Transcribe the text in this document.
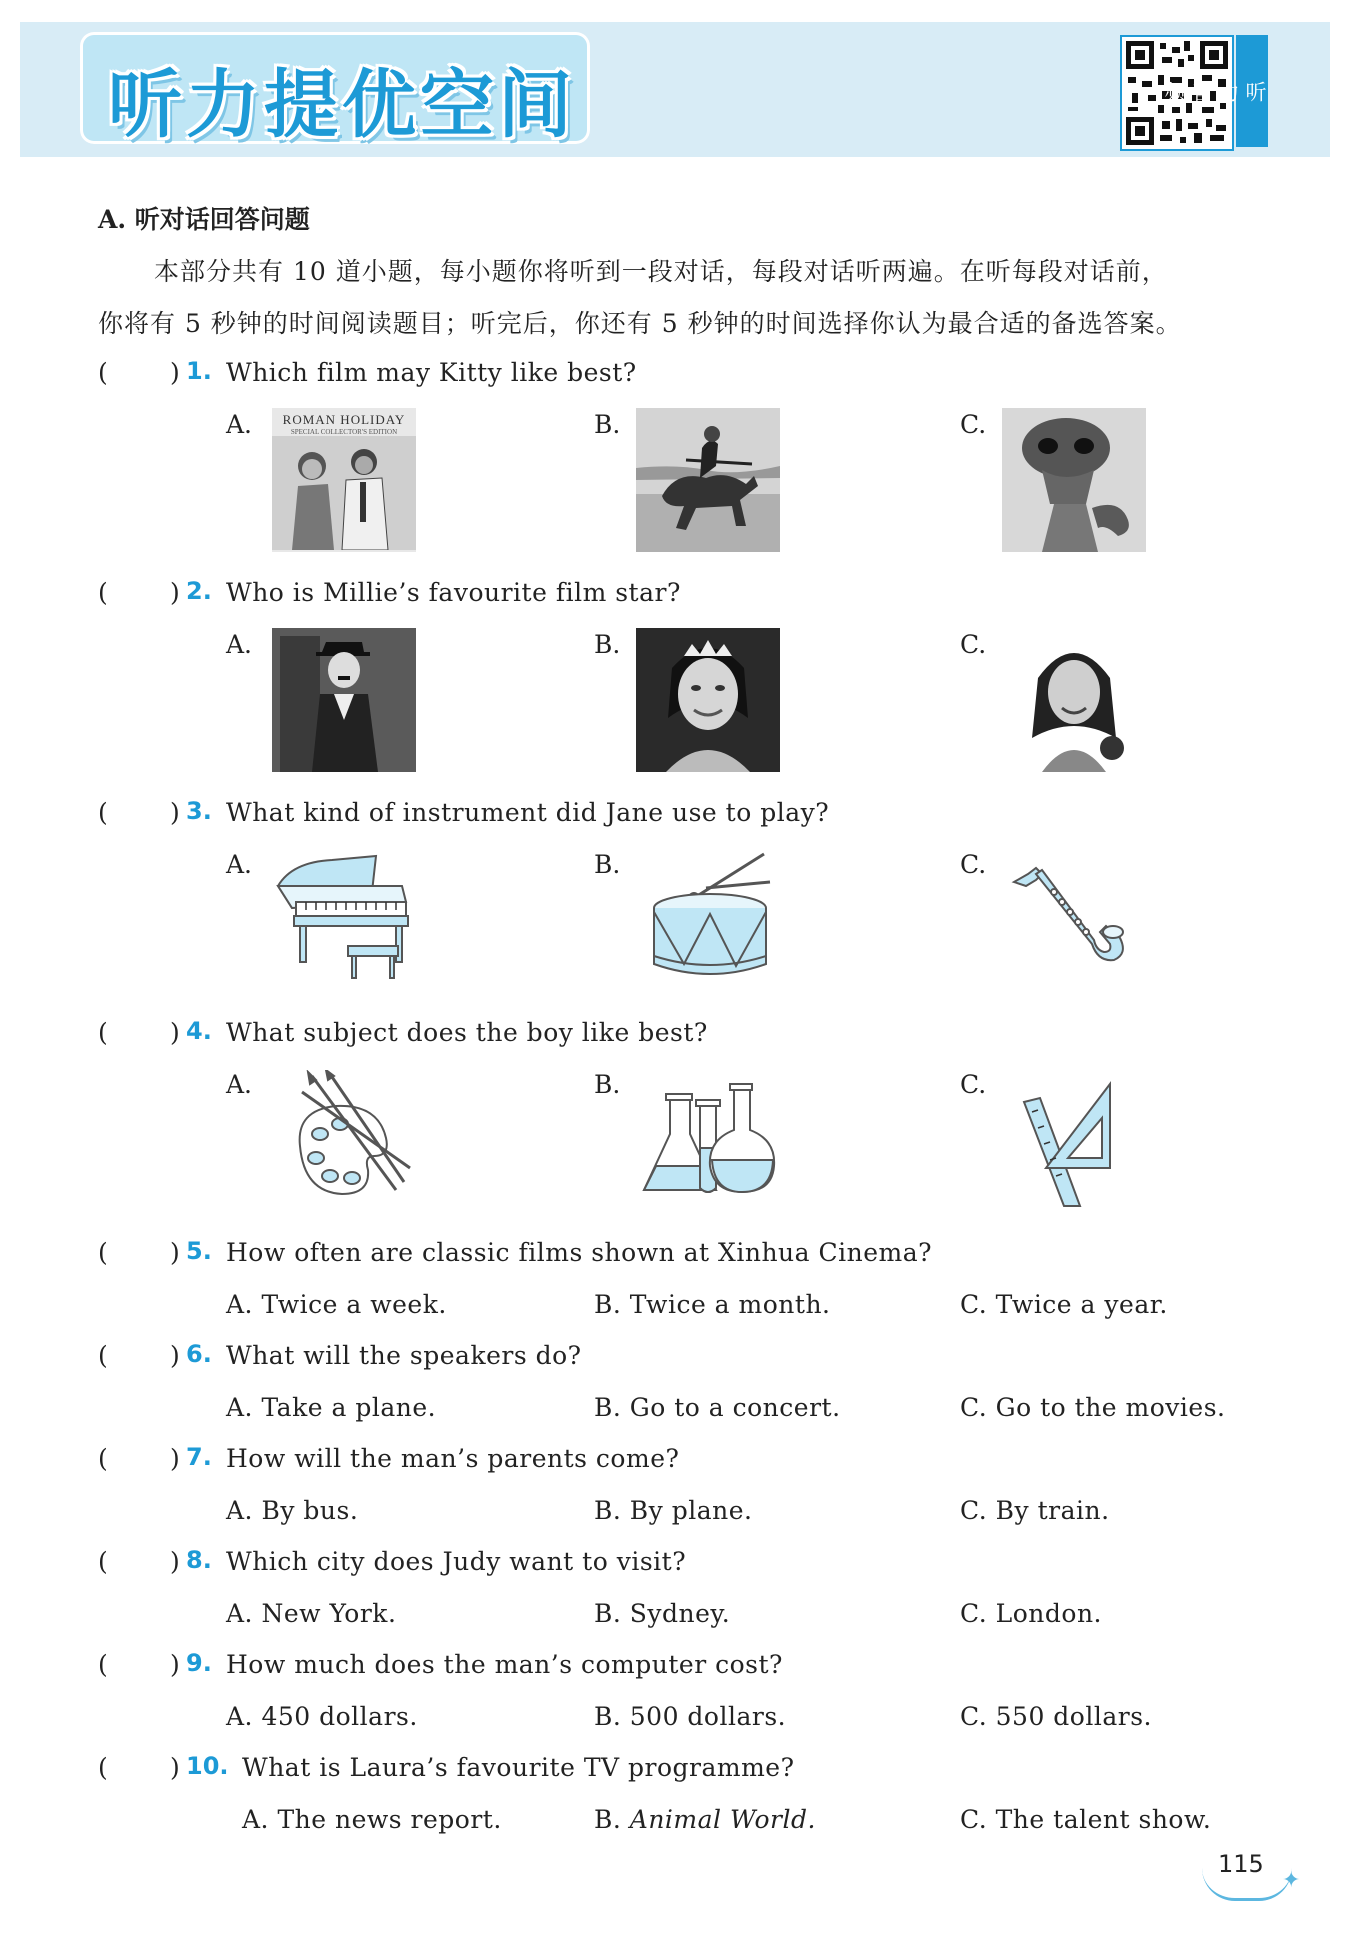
听力提优空间	听
力
音
频
A. 听对话回答问题
本部分共有 10 道小题，每小题你将听到一段对话，每段对话听两遍。在听每段对话前，
你将有 5 秒钟的时间阅读题目；听完后，你还有 5 秒钟的时间选择你认为最合适的备选答案。
( ) 1. Which film may Kitty like best?
A.	B.	C.
ROMAN HOLIDAY
SPECIAL COLLECTOR'S EDITION
( ) 2. Who is Millie’s favourite film star?
A.	B.	C.
( ) 3. What kind of instrument did Jane use to play?
A.	B.	C.
( ) 4. What subject does the boy like best?
A.	B.	C.
( ) 5. How often are classic films shown at Xinhua Cinema?
A. Twice a week.	B. Twice a month.	C. Twice a year.
( ) 6. What will the speakers do?
A. Take a plane.	B. Go to a concert.	C. Go to the movies.
( ) 7. How will the man’s parents come?
A. By bus.	B. By plane.	C. By train.
( ) 8. Which city does Judy want to visit?
A. New York.	B. Sydney.	C. London.
( ) 9. How much does the man’s computer cost?
A. 450 dollars.	B. 500 dollars.	C. 550 dollars.
( ) 10. What is Laura’s favourite TV programme?
A. The news report.	B. Animal World.	C. The talent show.
115
✦
